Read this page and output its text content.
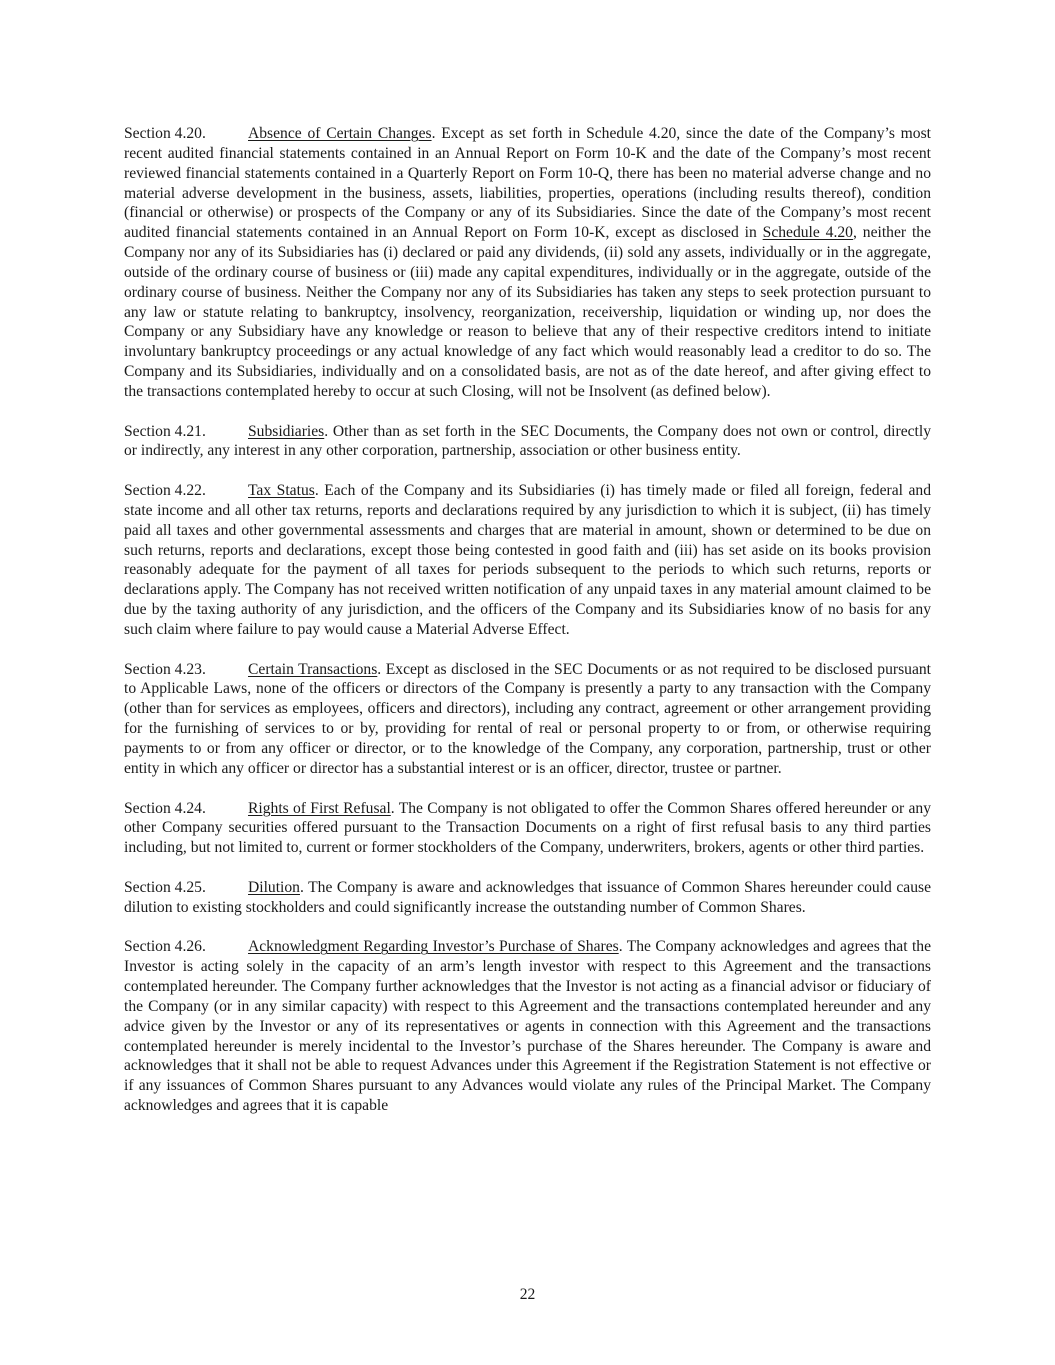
Section 4.20.	Absence of Certain Changes. Except as set forth in Schedule 4.20, since the date of the Company’s most recent audited financial statements contained in an Annual Report on Form 10-K and the date of the Company’s most recent reviewed financial statements contained in a Quarterly Report on Form 10-Q, there has been no material adverse change and no material adverse development in the business, assets, liabilities, properties, operations (including results thereof), condition (financial or otherwise) or prospects of the Company or any of its Subsidiaries. Since the date of the Company’s most recent audited financial statements contained in an Annual Report on Form 10-K, except as disclosed in Schedule 4.20, neither the Company nor any of its Subsidiaries has (i) declared or paid any dividends, (ii) sold any assets, individually or in the aggregate, outside of the ordinary course of business or (iii) made any capital expenditures, individually or in the aggregate, outside of the ordinary course of business. Neither the Company nor any of its Subsidiaries has taken any steps to seek protection pursuant to any law or statute relating to bankruptcy, insolvency, reorganization, receivership, liquidation or winding up, nor does the Company or any Subsidiary have any knowledge or reason to believe that any of their respective creditors intend to initiate involuntary bankruptcy proceedings or any actual knowledge of any fact which would reasonably lead a creditor to do so. The Company and its Subsidiaries, individually and on a consolidated basis, are not as of the date hereof, and after giving effect to the transactions contemplated hereby to occur at such Closing, will not be Insolvent (as defined below).

Section 4.21.	Subsidiaries. Other than as set forth in the SEC Documents, the Company does not own or control, directly or indirectly, any interest in any other corporation, partnership, association or other business entity.

Section 4.22.	Tax Status. Each of the Company and its Subsidiaries (i) has timely made or filed all foreign, federal and state income and all other tax returns, reports and declarations required by any jurisdiction to which it is subject, (ii) has timely paid all taxes and other governmental assessments and charges that are material in amount, shown or determined to be due on such returns, reports and declarations, except those being contested in good faith and (iii) has set aside on its books provision reasonably adequate for the payment of all taxes for periods subsequent to the periods to which such returns, reports or declarations apply. The Company has not received written notification of any unpaid taxes in any material amount claimed to be due by the taxing authority of any jurisdiction, and the officers of the Company and its Subsidiaries know of no basis for any such claim where failure to pay would cause a Material Adverse Effect.

Section 4.23.	Certain Transactions. Except as disclosed in the SEC Documents or as not required to be disclosed pursuant to Applicable Laws, none of the officers or directors of the Company is presently a party to any transaction with the Company (other than for services as employees, officers and directors), including any contract, agreement or other arrangement providing for the furnishing of services to or by, providing for rental of real or personal property to or from, or otherwise requiring payments to or from any officer or director, or to the knowledge of the Company, any corporation, partnership, trust or other entity in which any officer or director has a substantial interest or is an officer, director, trustee or partner.

Section 4.24.	Rights of First Refusal. The Company is not obligated to offer the Common Shares offered hereunder or any other Company securities offered pursuant to the Transaction Documents on a right of first refusal basis to any third parties including, but not limited to, current or former stockholders of the Company, underwriters, brokers, agents or other third parties.

Section 4.25.	Dilution. The Company is aware and acknowledges that issuance of Common Shares hereunder could cause dilution to existing stockholders and could significantly increase the outstanding number of Common Shares.

Section 4.26.	Acknowledgment Regarding Investor’s Purchase of Shares. The Company acknowledges and agrees that the Investor is acting solely in the capacity of an arm’s length investor with respect to this Agreement and the transactions contemplated hereunder. The Company further acknowledges that the Investor is not acting as a financial advisor or fiduciary of the Company (or in any similar capacity) with respect to this Agreement and the transactions contemplated hereunder and any advice given by the Investor or any of its representatives or agents in connection with this Agreement and the transactions contemplated hereunder is merely incidental to the Investor’s purchase of the Shares hereunder. The Company is aware and acknowledges that it shall not be able to request Advances under this Agreement if the Registration Statement is not effective or if any issuances of Common Shares pursuant to any Advances would violate any rules of the Principal Market. The Company acknowledges and agrees that it is capable

22
